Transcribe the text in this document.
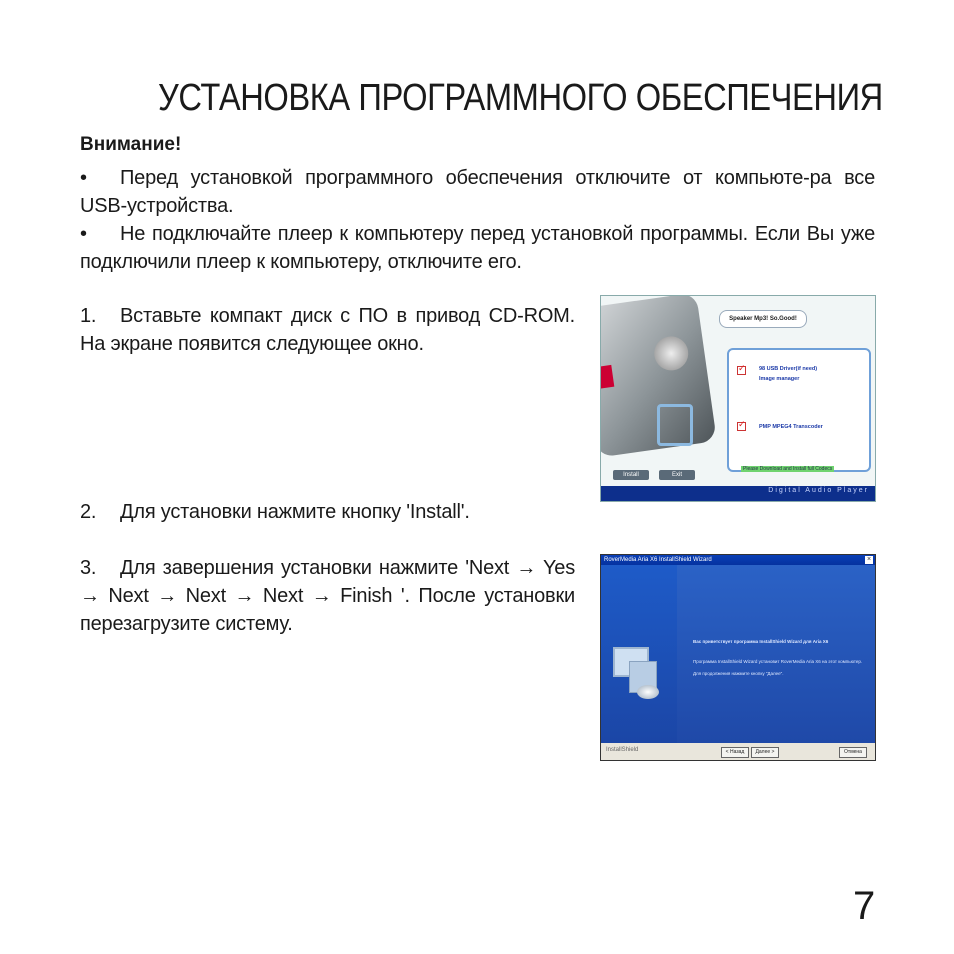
УСТАНОВКА ПРОГРАММНОГО ОБЕСПЕЧЕНИЯ
Внимание!
• Перед установкой программного обеспечения отключите от компьюте-ра все USB-устройства.
• Не подключайте плеер к компьютеру перед установкой программы. Если Вы уже подключили плеер к компьютеру, отключите его.
1. Вставьте компакт диск с ПО в привод CD-ROM. На экране появится следующее окно.
2. Для установки нажмите кнопку 'Install'.
3. Для завершения установки нажмите 'Next → Yes → Next → Next → Next → Finish '. После установки перезагрузите систему.
Speaker Mp3! So.Good!
✓
98 USB Driver(if need)
Image manager
✓
PMP MPEG4 Transcoder
Please Download and Install full Codecs
Install	Exit
Digital Audio Player
RoverMedia Aria X6 InstallShield Wizard	×
Вас приветствует программа InstallShield Wizard для Aria X6
Программа InstallShield Wizard установит RoverMedia Aria X6 на этот компьютер.
Для продолжения нажмите кнопку "Далее".
InstallShield	< Назад	Далее >	Отмена
7
